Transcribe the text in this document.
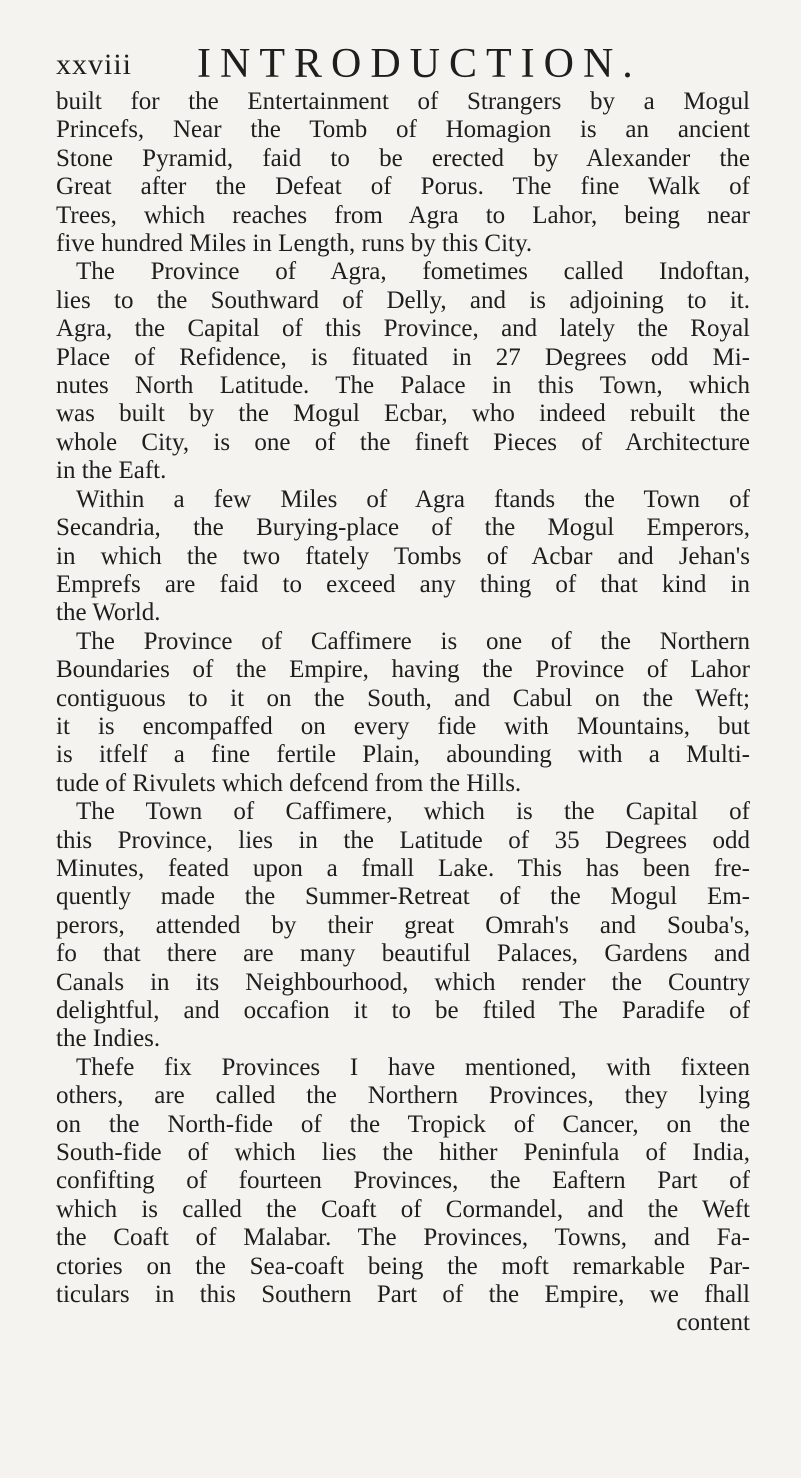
xxviii INTRODUCTION.
built for the Entertainment of Strangers by a Mogul
Princefs, Near the Tomb of Homagion is an ancient
Stone Pyramid, faid to be erected by Alexander the
Great after the Defeat of Porus. The fine Walk of
Trees, which reaches from Agra to Lahor, being near
five hundred Miles in Length, runs by this City.
The Province of Agra, fometimes called Indoftan,
lies to the Southward of Delly, and is adjoining to it.
Agra, the Capital of this Province, and lately the Royal
Place of Refidence, is fituated in 27 Degrees odd Mi-
nutes North Latitude. The Palace in this Town, which
was built by the Mogul Ecbar, who indeed rebuilt the
whole City, is one of the fineft Pieces of Architecture
in the Eaft.
Within a few Miles of Agra ftands the Town of
Secandria, the Burying-place of the Mogul Emperors,
in which the two ftately Tombs of Acbar and Jehan's
Emprefs are faid to exceed any thing of that kind in
the World.
The Province of Caffimere is one of the Northern
Boundaries of the Empire, having the Province of Lahor
contiguous to it on the South, and Cabul on the Weft;
it is encompaffed on every fide with Mountains, but
is itfelf a fine fertile Plain, abounding with a Multi-
tude of Rivulets which defcend from the Hills.
The Town of Caffimere, which is the Capital of
this Province, lies in the Latitude of 35 Degrees odd
Minutes, feated upon a fmall Lake. This has been fre-
quently made the Summer-Retreat of the Mogul Em-
perors, attended by their great Omrah's and Souba's,
fo that there are many beautiful Palaces, Gardens and
Canals in its Neighbourhood, which render the Country
delightful, and occafion it to be ftiled The Paradife of
the Indies.
Thefe fix Provinces I have mentioned, with fixteen
others, are called the Northern Provinces, they lying
on the North-fide of the Tropick of Cancer, on the
South-fide of which lies the hither Peninfula of India,
confifting of fourteen Provinces, the Eaftern Part of
which is called the Coaft of Cormandel, and the Weft
the Coaft of Malabar. The Provinces, Towns, and Fa-
ctories on the Sea-coaft being the moft remarkable Par-
ticulars in this Southern Part of the Empire, we fhall
content
